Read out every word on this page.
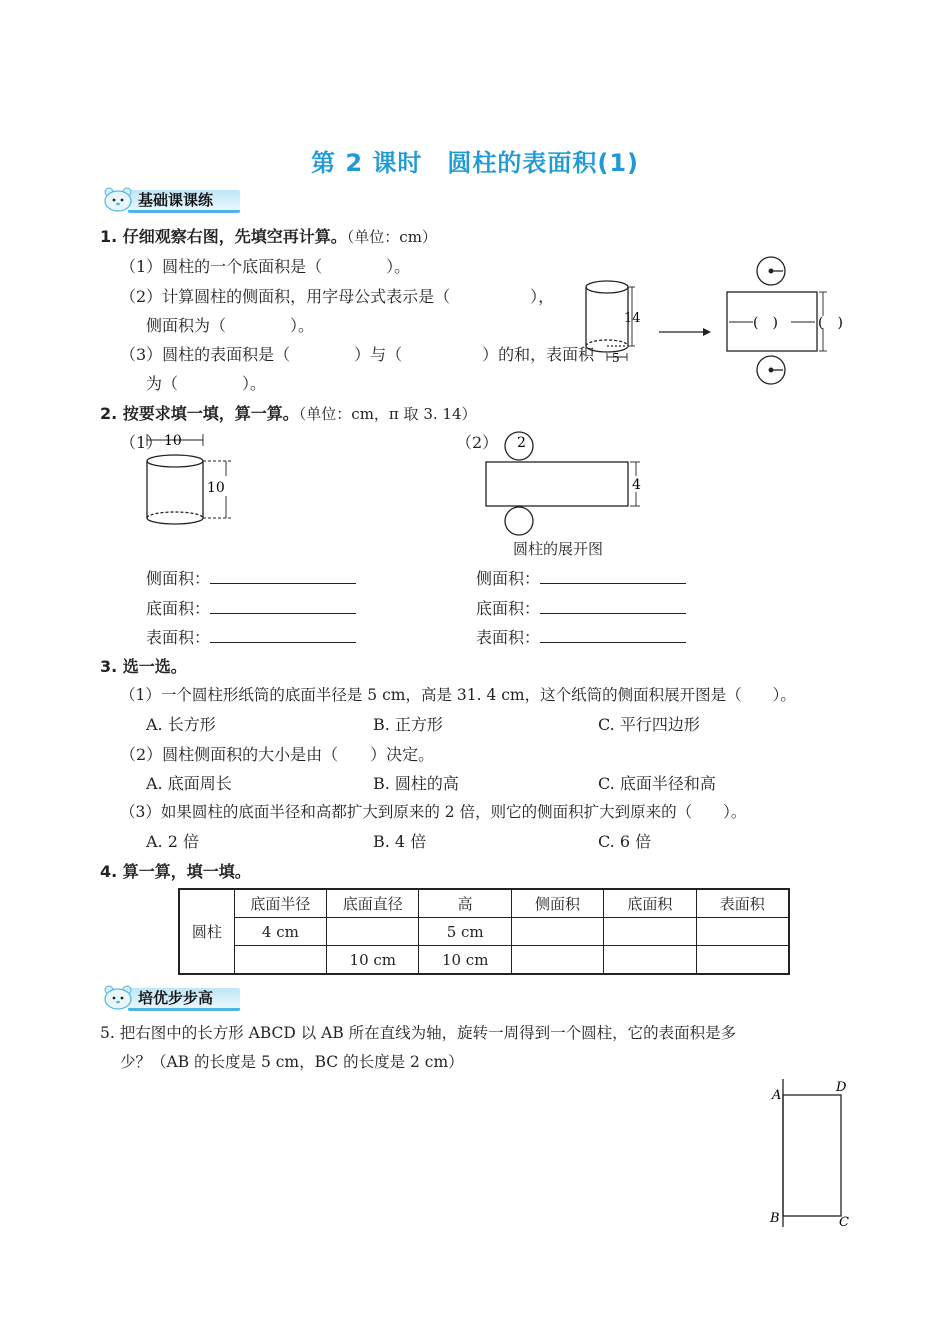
第 2 课时　圆柱的表面积(1)
基础课课练
1. 仔细观察右图，先填空再计算。（单位：cm）
（1）圆柱的一个底面积是（　　　　）。
（2）计算圆柱的侧面积，用字母公式表示是（　　　　　），
侧面积为（　　　　）。
（3）圆柱的表面积是（　　　　）与（　　　　　）的和，表面积
为（　　　　）。
14
5
(　)	(　)
2. 按要求填一填，算一算。（单位：cm，π 取 3. 14）
（1）
　 10
10
（2） 2
4
圆柱的展开图
侧面积：
底面积：
表面积：
侧面积：
底面积：
表面积：
3. 选一选。
（1）一个圆柱形纸筒的底面半径是 5 cm，高是 31. 4 cm，这个纸筒的侧面积展开图是（　　）。
A. 长方形	B. 正方形	C. 平行四边形
（2）圆柱侧面积的大小是由（　　）决定。
A. 底面周长	B. 圆柱的高	C. 底面半径和高
（3）如果圆柱的底面半径和高都扩大到原来的 2 倍，则它的侧面积扩大到原来的（　　）。
A. 2 倍	B. 4 倍	C. 6 倍
4. 算一算，填一填。
圆柱	底面半径	底面直径	高	侧面积	底面积	表面积
	4 cm		5 cm			
		10 cm	10 cm			
培优步步高
5. 把右图中的长方形 ABCD 以 AB 所在直线为轴，旋转一周得到一个圆柱，它的表面积是多
少？（AB 的长度是 5 cm，BC 的长度是 2 cm）
A
D
B	C
